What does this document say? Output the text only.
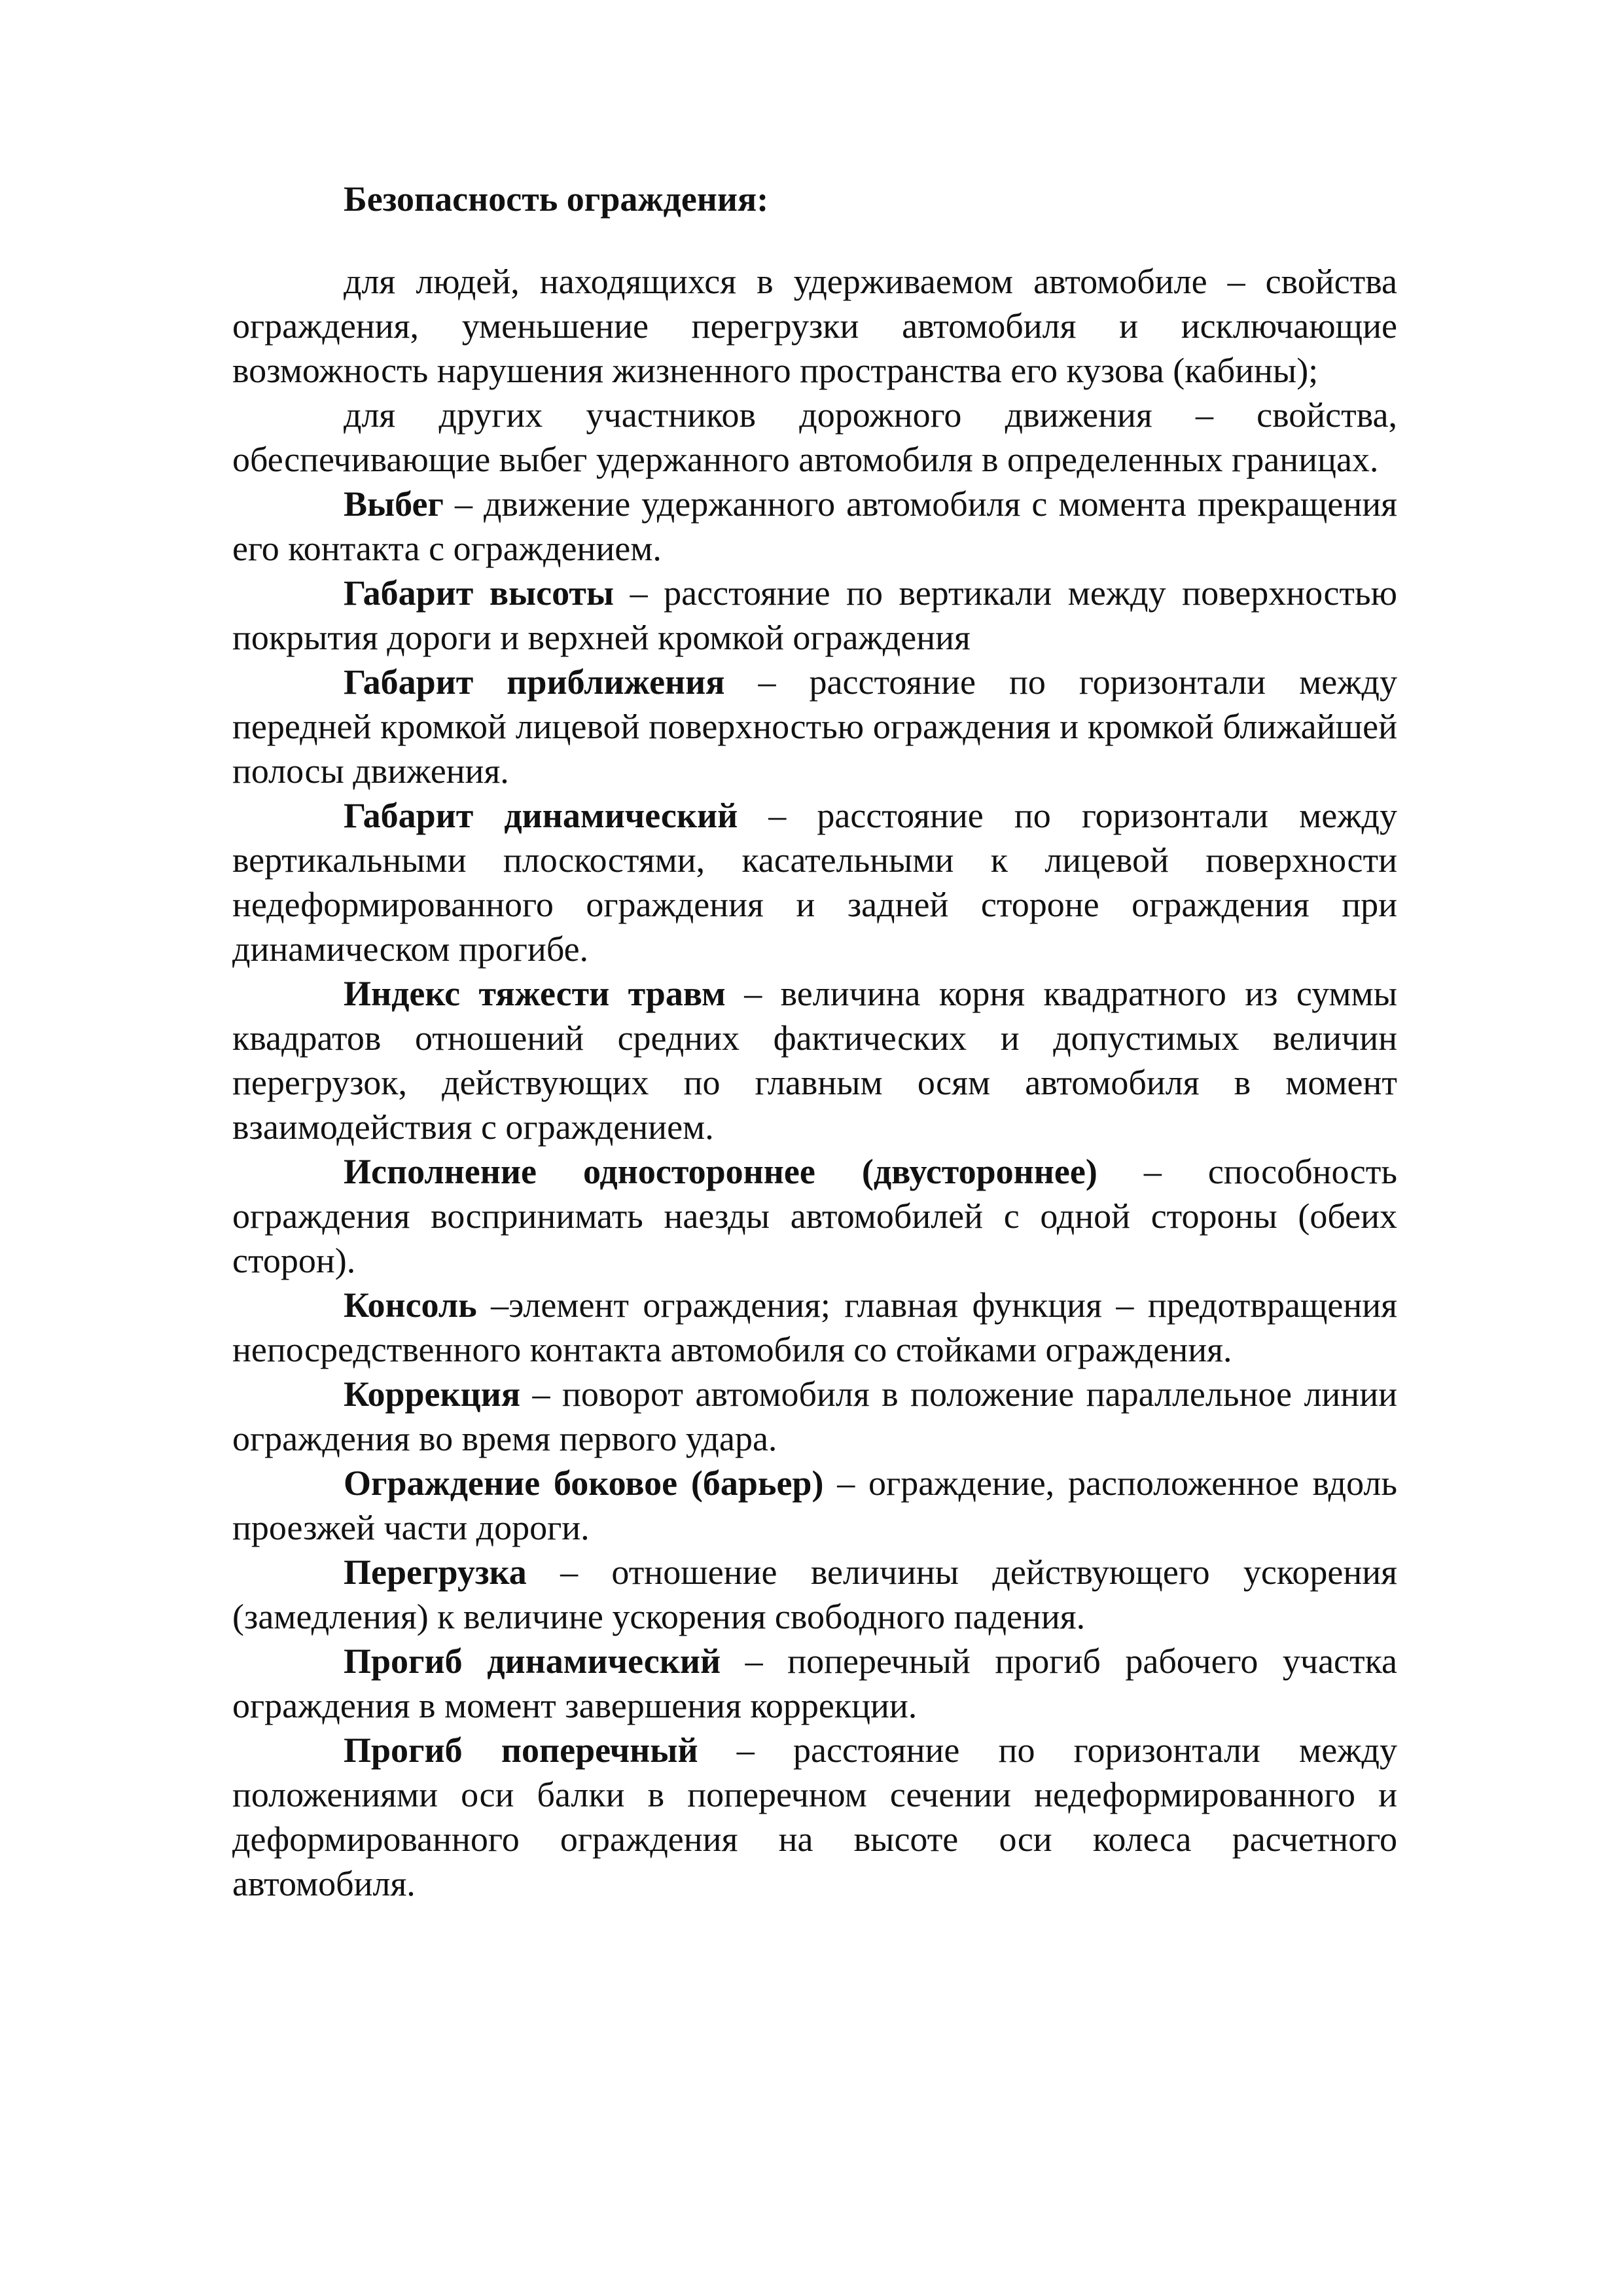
Безопасность ограждения:

для людей, находящихся в удерживаемом автомобиле – свойства ограждения, уменьшение перегрузки автомобиля и исключающие возможность нарушения жизненного пространства его кузова (кабины);

для других участников дорожного движения – свойства, обеспечивающие выбег удержанного автомобиля в определенных границах.

Выбег – движение удержанного автомобиля с момента прекращения его контакта с ограждением.

Габарит высоты – расстояние по вертикали между поверхностью покрытия дороги и верхней кромкой ограждения

Габарит приближения – расстояние по горизонтали между передней кромкой лицевой поверхностью ограждения и кромкой ближайшей полосы движения.

Габарит динамический – расстояние по горизонтали между вертикальными плоскостями, касательными к лицевой поверхности недеформированного ограждения и задней стороне ограждения при динамическом прогибе.

Индекс тяжести травм – величина корня квадратного из суммы квадратов отношений средних фактических и допустимых величин перегрузок, действующих по главным осям автомобиля в момент взаимодействия с ограждением.

Исполнение одностороннее (двустороннее) – способность ограждения воспринимать наезды автомобилей с одной стороны (обеих сторон).

Консоль –элемент ограждения; главная функция – предотвращения непосредственного контакта автомобиля со стойками ограждения.

Коррекция – поворот автомобиля в положение параллельное линии ограждения во время первого удара.

Ограждение боковое (барьер) – ограждение, расположенное вдоль проезжей части дороги.

Перегрузка – отношение величины действующего ускорения (замедления) к величине ускорения свободного падения.

Прогиб динамический – поперечный прогиб рабочего участка ограждения в момент завершения коррекции.

Прогиб поперечный – расстояние по горизонтали между положениями оси балки в поперечном сечении недеформированного и деформированного ограждения на высоте оси колеса расчетного автомобиля.
